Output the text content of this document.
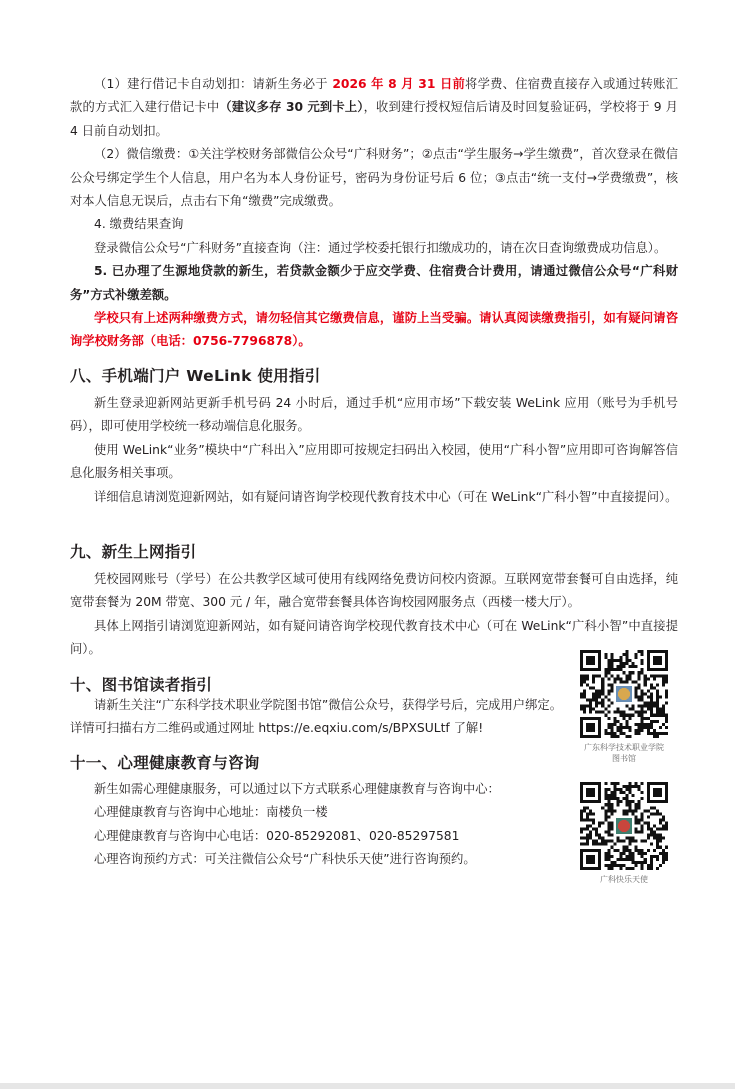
（1）建行借记卡自动划扣：请新生务必于 2026 年 8 月 31 日前将学费、住宿费直接存入或通过转账汇款的方式汇入建行借记卡中（建议多存 30 元到卡上），收到建行授权短信后请及时回复验证码，学校将于 9 月 4 日前自动划扣。

（2）微信缴费：①关注学校财务部微信公众号“广科财务”；②点击“学生服务→学生缴费”，首次登录在微信公众号绑定学生个人信息，用户名为本人身份证号，密码为身份证号后 6 位；③点击“统一支付→学费缴费”，核对本人信息无误后，点击右下角“缴费”完成缴费。

4. 缴费结果查询

登录微信公众号“广科财务”直接查询（注：通过学校委托银行扣缴成功的，请在次日查询缴费成功信息）。

5. 已办理了生源地贷款的新生，若贷款金额少于应交学费、住宿费合计费用，请通过微信公众号“广科财务”方式补缴差额。

学校只有上述两种缴费方式，请勿轻信其它缴费信息，谨防上当受骗。请认真阅读缴费指引，如有疑问请咨询学校财务部（电话：0756-7796878）。

八、手机端门户 WeLink 使用指引

新生登录迎新网站更新手机号码 24 小时后，通过手机“应用市场”下载安装 WeLink 应用（账号为手机号码），即可使用学校统一移动端信息化服务。

使用 WeLink“业务”模块中“广科出入”应用即可按规定扫码出入校园，使用“广科小智”应用即可咨询解答信息化服务相关事项。

详细信息请浏览迎新网站，如有疑问请咨询学校现代教育技术中心（可在 WeLink“广科小智”中直接提问）。

九、新生上网指引

凭校园网账号（学号）在公共教学区域可使用有线网络免费访问校内资源。互联网宽带套餐可自由选择，纯宽带套餐为 20M 带宽、300 元 / 年，融合宽带套餐具体咨询校园网服务点（西楼一楼大厅）。

具体上网指引请浏览迎新网站，如有疑问请咨询学校现代教育技术中心（可在 WeLink“广科小智”中直接提问）。

十、图书馆读者指引

请新生关注“广东科学技术职业学院图书馆”微信公众号，获得学号后，完成用户绑定。详情可扫描右方二维码或通过网址 https://e.eqxiu.com/s/BPXSULtf 了解!

广东科学技术职业学院
图书馆
十一、心理健康教育与咨询

新生如需心理健康服务，可以通过以下方式联系心理健康教育与咨询中心：

心理健康教育与咨询中心地址：南楼负一楼

心理健康教育与咨询中心电话：020-85292081、020-85297581

心理咨询预约方式：可关注微信公众号“广科快乐天使”进行咨询预约。

广科快乐天使
